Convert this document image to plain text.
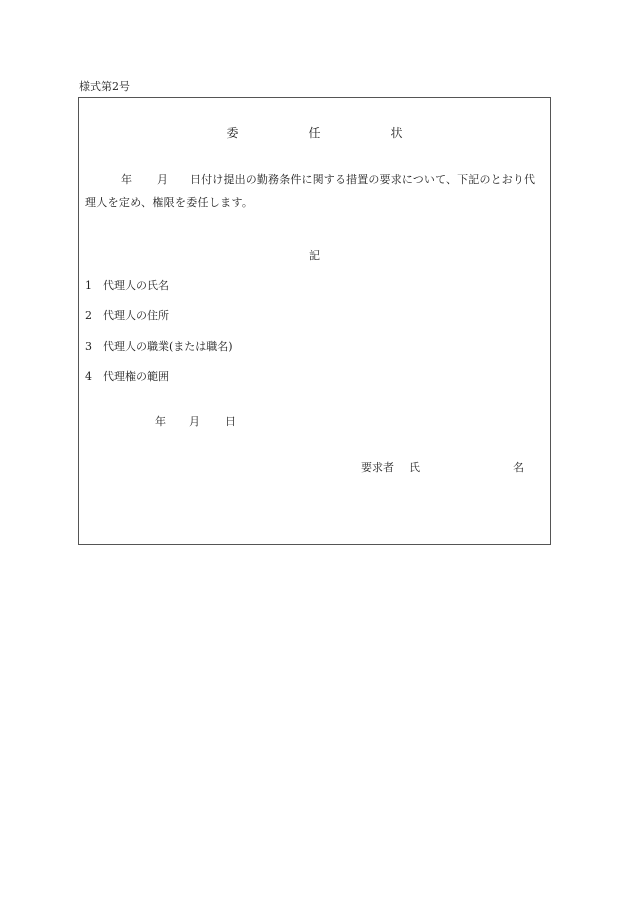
様式第2号
委	任	状
年 月 日付け提出の勤務条件に関する措置の要求について、下記のとおり代
理人を定め、権限を委任します。
記
1 代理人の氏名
2 代理人の住所
3 代理人の職業(または職名)
4 代理権の範囲
年 月 日
要求者 氏	名
